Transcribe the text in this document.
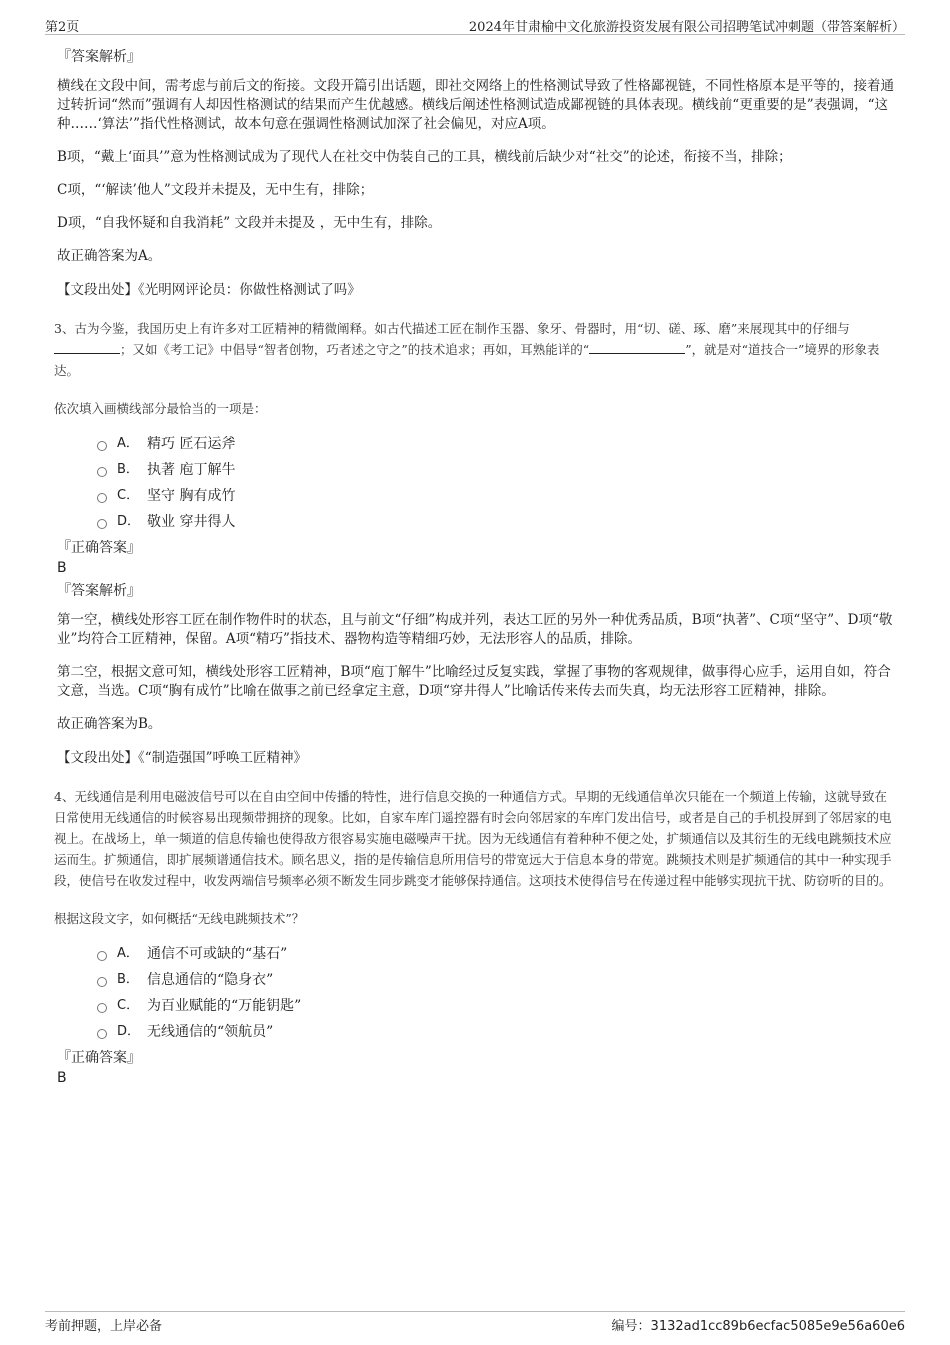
第2页	2024年甘肃榆中文化旅游投资发展有限公司招聘笔试冲刺题（带答案解析）
『答案解析』
横线在文段中间，需考虑与前后文的衔接。文段开篇引出话题，即社交网络上的性格测试导致了性格鄙视链，不同性格原本是平等的，接着通过转折词“然而”强调有人却因性格测试的结果而产生优越感。横线后阐述性格测试造成鄙视链的具体表现。横线前“更重要的是”表强调，“这种……‘算法’”指代性格测试，故本句意在强调性格测试加深了社会偏见，对应A项。
B项，“戴上‘面具’”意为性格测试成为了现代人在社交中伪装自己的工具，横线前后缺少对“社交”的论述，衔接不当，排除；
C项，“‘解读’他人”文段并未提及，无中生有，排除；
D项，“自我怀疑和自我消耗” 文段并未提及 ，无中生有，排除。
故正确答案为A。
【文段出处】《光明网评论员：你做性格测试了吗》
3、古为今鉴，我国历史上有许多对工匠精神的精微阐释。如古代描述工匠在制作玉器、象牙、骨器时，用“切、磋、琢、磨”来展现其中的仔细与；又如《考工记》中倡导“智者创物，巧者述之守之”的技术追求；再如，耳熟能详的“	”，就是对“道技合一”境界的形象表达。
依次填入画横线部分最恰当的一项是：
A． 精巧 匠石运斧
B． 执著 庖丁解牛
C． 坚守 胸有成竹
D． 敬业 穿井得人
『正确答案』
B
『答案解析』
第一空，横线处形容工匠在制作物件时的状态，且与前文“仔细”构成并列，表达工匠的另外一种优秀品质，B项“执著”、C项“坚守”、D项“敬业”均符合工匠精神，保留。A项“精巧”指技术、器物构造等精细巧妙，无法形容人的品质，排除。
第二空，根据文意可知，横线处形容工匠精神，B项“庖丁解牛”比喻经过反复实践，掌握了事物的客观规律，做事得心应手，运用自如，符合文意，当选。C项“胸有成竹”比喻在做事之前已经拿定主意，D项“穿井得人”比喻话传来传去而失真，均无法形容工匠精神，排除。
故正确答案为B。
【文段出处】《“制造强国”呼唤工匠精神》
4、无线通信是利用电磁波信号可以在自由空间中传播的特性，进行信息交换的一种通信方式。早期的无线通信单次只能在一个频道上传输，这就导致在日常使用无线通信的时候容易出现频带拥挤的现象。比如，自家车库门遥控器有时会向邻居家的车库门发出信号，或者是自己的手机投屏到了邻居家的电视上。在战场上，单一频道的信息传输也使得敌方很容易实施电磁噪声干扰。因为无线通信有着种种不便之处，扩频通信以及其衍生的无线电跳频技术应运而生。扩频通信，即扩展频谱通信技术。顾名思义，指的是传输信息所用信号的带宽远大于信息本身的带宽。跳频技术则是扩频通信的其中一种实现手段，使信号在收发过程中，收发两端信号频率必须不断发生同步跳变才能够保持通信。这项技术使得信号在传递过程中能够实现抗干扰、防窃听的目的。
根据这段文字，如何概括“无线电跳频技术”？
A． 通信不可或缺的“基石”
B． 信息通信的“隐身衣”
C． 为百业赋能的“万能钥匙”
D． 无线通信的“领航员”
『正确答案』
B
考前押题，上岸必备	编号：3132ad1cc89b6ecfac5085e9e56a60e6
